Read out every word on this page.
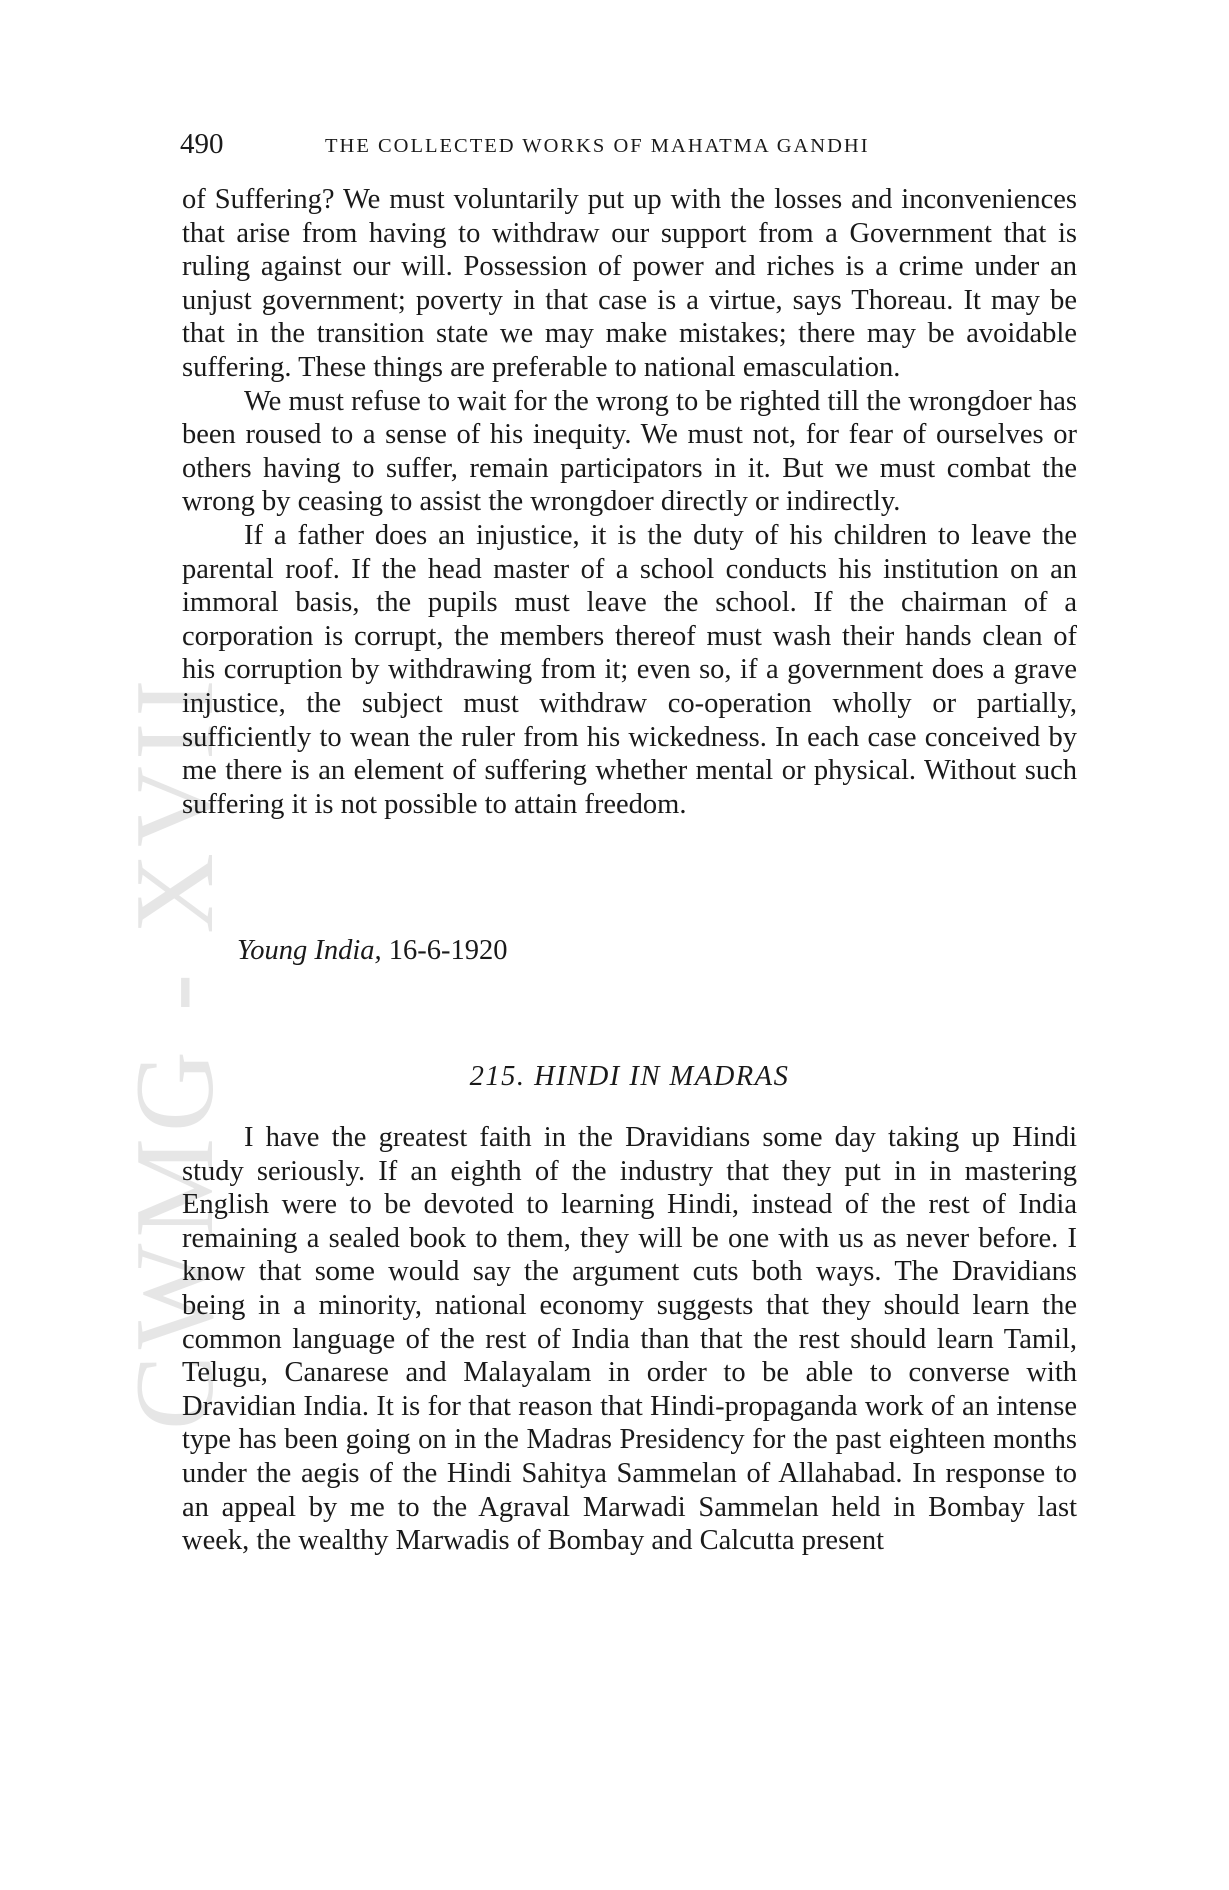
CWMG - XVII
490	THE COLLECTED WORKS OF MAHATMA GANDHI

of Suffering? We must voluntarily put up with the losses and inconveniences that arise from having to withdraw our support from a Government that is ruling against our will. Possession of power and riches is a crime under an unjust government; poverty in that case is a virtue, says Thoreau. It may be that in the transition state we may make mistakes; there may be avoidable suffering. These things are preferable to national emasculation.

We must refuse to wait for the wrong to be righted till the wrongdoer has been roused to a sense of his inequity. We must not, for fear of ourselves or others having to suffer, remain participators in it. But we must combat the wrong by ceasing to assist the wrongdoer directly or indirectly.

If a father does an injustice, it is the duty of his children to leave the parental roof. If the head master of a school conducts his institution on an immoral basis, the pupils must leave the school. If the chairman of a corporation is corrupt, the members thereof must wash their hands clean of his corruption by withdrawing from it; even so, if a government does a grave injustice, the subject must withdraw co-operation wholly or partially, sufficiently to wean the ruler from his wickedness. In each case conceived by me there is an element of suffering whether mental or physical. Without such suffering it is not possible to attain freedom.

Young India, 16-6-1920
215. HINDI IN MADRAS

I have the greatest faith in the Dravidians some day taking up Hindi study seriously. If an eighth of the industry that they put in in mastering English were to be devoted to learning Hindi, instead of the rest of India remaining a sealed book to them, they will be one with us as never before. I know that some would say the argument cuts both ways. The Dravidians being in a minority, national economy suggests that they should learn the common language of the rest of India than that the rest should learn Tamil, Telugu, Canarese and Malayalam in order to be able to converse with Dravidian India. It is for that reason that Hindi-propaganda work of an intense type has been going on in the Madras Presidency for the past eighteen months under the aegis of the Hindi Sahitya Sammelan of Allahabad. In response to an appeal by me to the Agraval Marwadi Sammelan held in Bombay last week, the wealthy Marwadis of Bombay and Calcutta present
